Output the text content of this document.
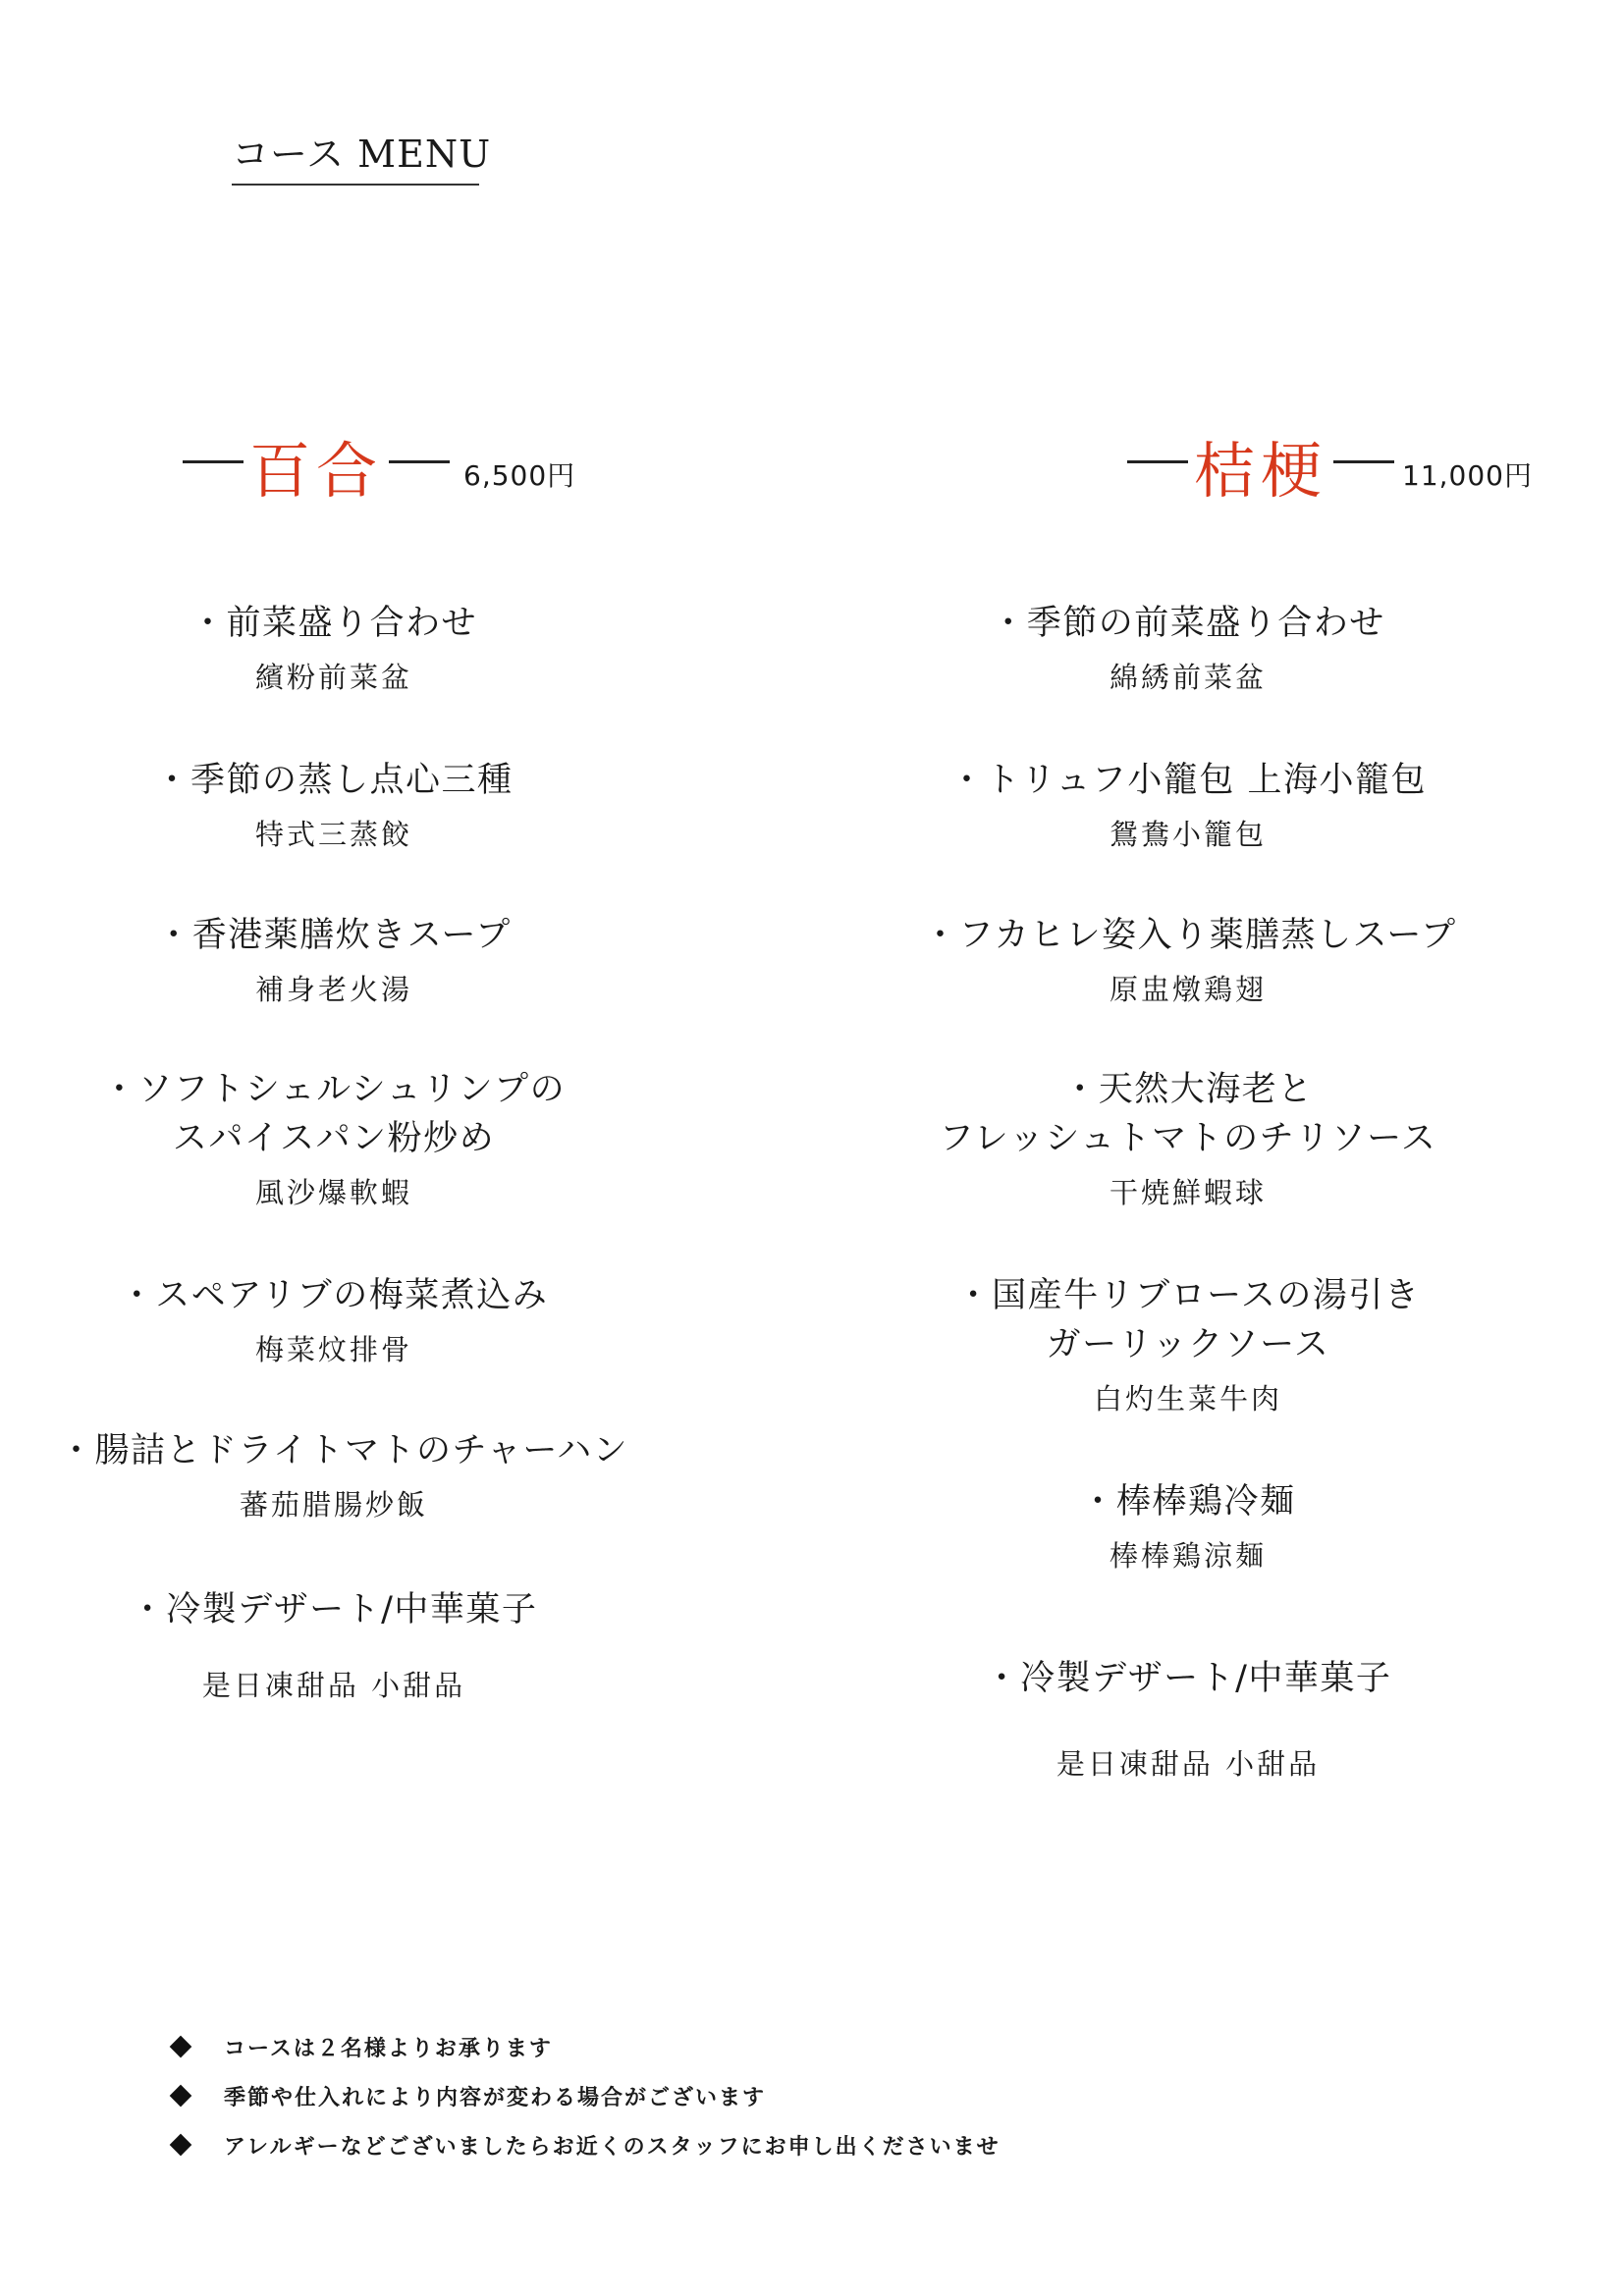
コース MENU
百合	6,500円
・前菜盛り合わせ
繽粉前菜盆
・季節の蒸し点心三種
特式三蒸餃
・香港薬膳炊きスープ
補身老火湯
・ソフトシェルシュリンプの
スパイスパン粉炒め
風沙爆軟蝦
・スペアリブの梅菜煮込み
梅菜炆排骨
・腸詰とドライトマトのチャーハン
蕃茄腊腸炒飯
・冷製デザート/中華菓子
是日凍甜品 小甜品
桔梗	11,000円
・季節の前菜盛り合わせ
綿綉前菜盆
・トリュフ小籠包 上海小籠包
鴛鴦小籠包
・フカヒレ姿入り薬膳蒸しスープ
原盅燉鶏翅
・天然大海老と
フレッシュトマトのチリソース
干焼鮮蝦球
・国産牛リブロースの湯引き
ガーリックソース
白灼生菜牛肉
・棒棒鶏冷麺
棒棒鶏涼麺
・冷製デザート/中華菓子
是日凍甜品 小甜品
コースは２名様よりお承ります
季節や仕入れにより内容が変わる場合がございます
アレルギーなどございましたらお近くのスタッフにお申し出くださいませ
